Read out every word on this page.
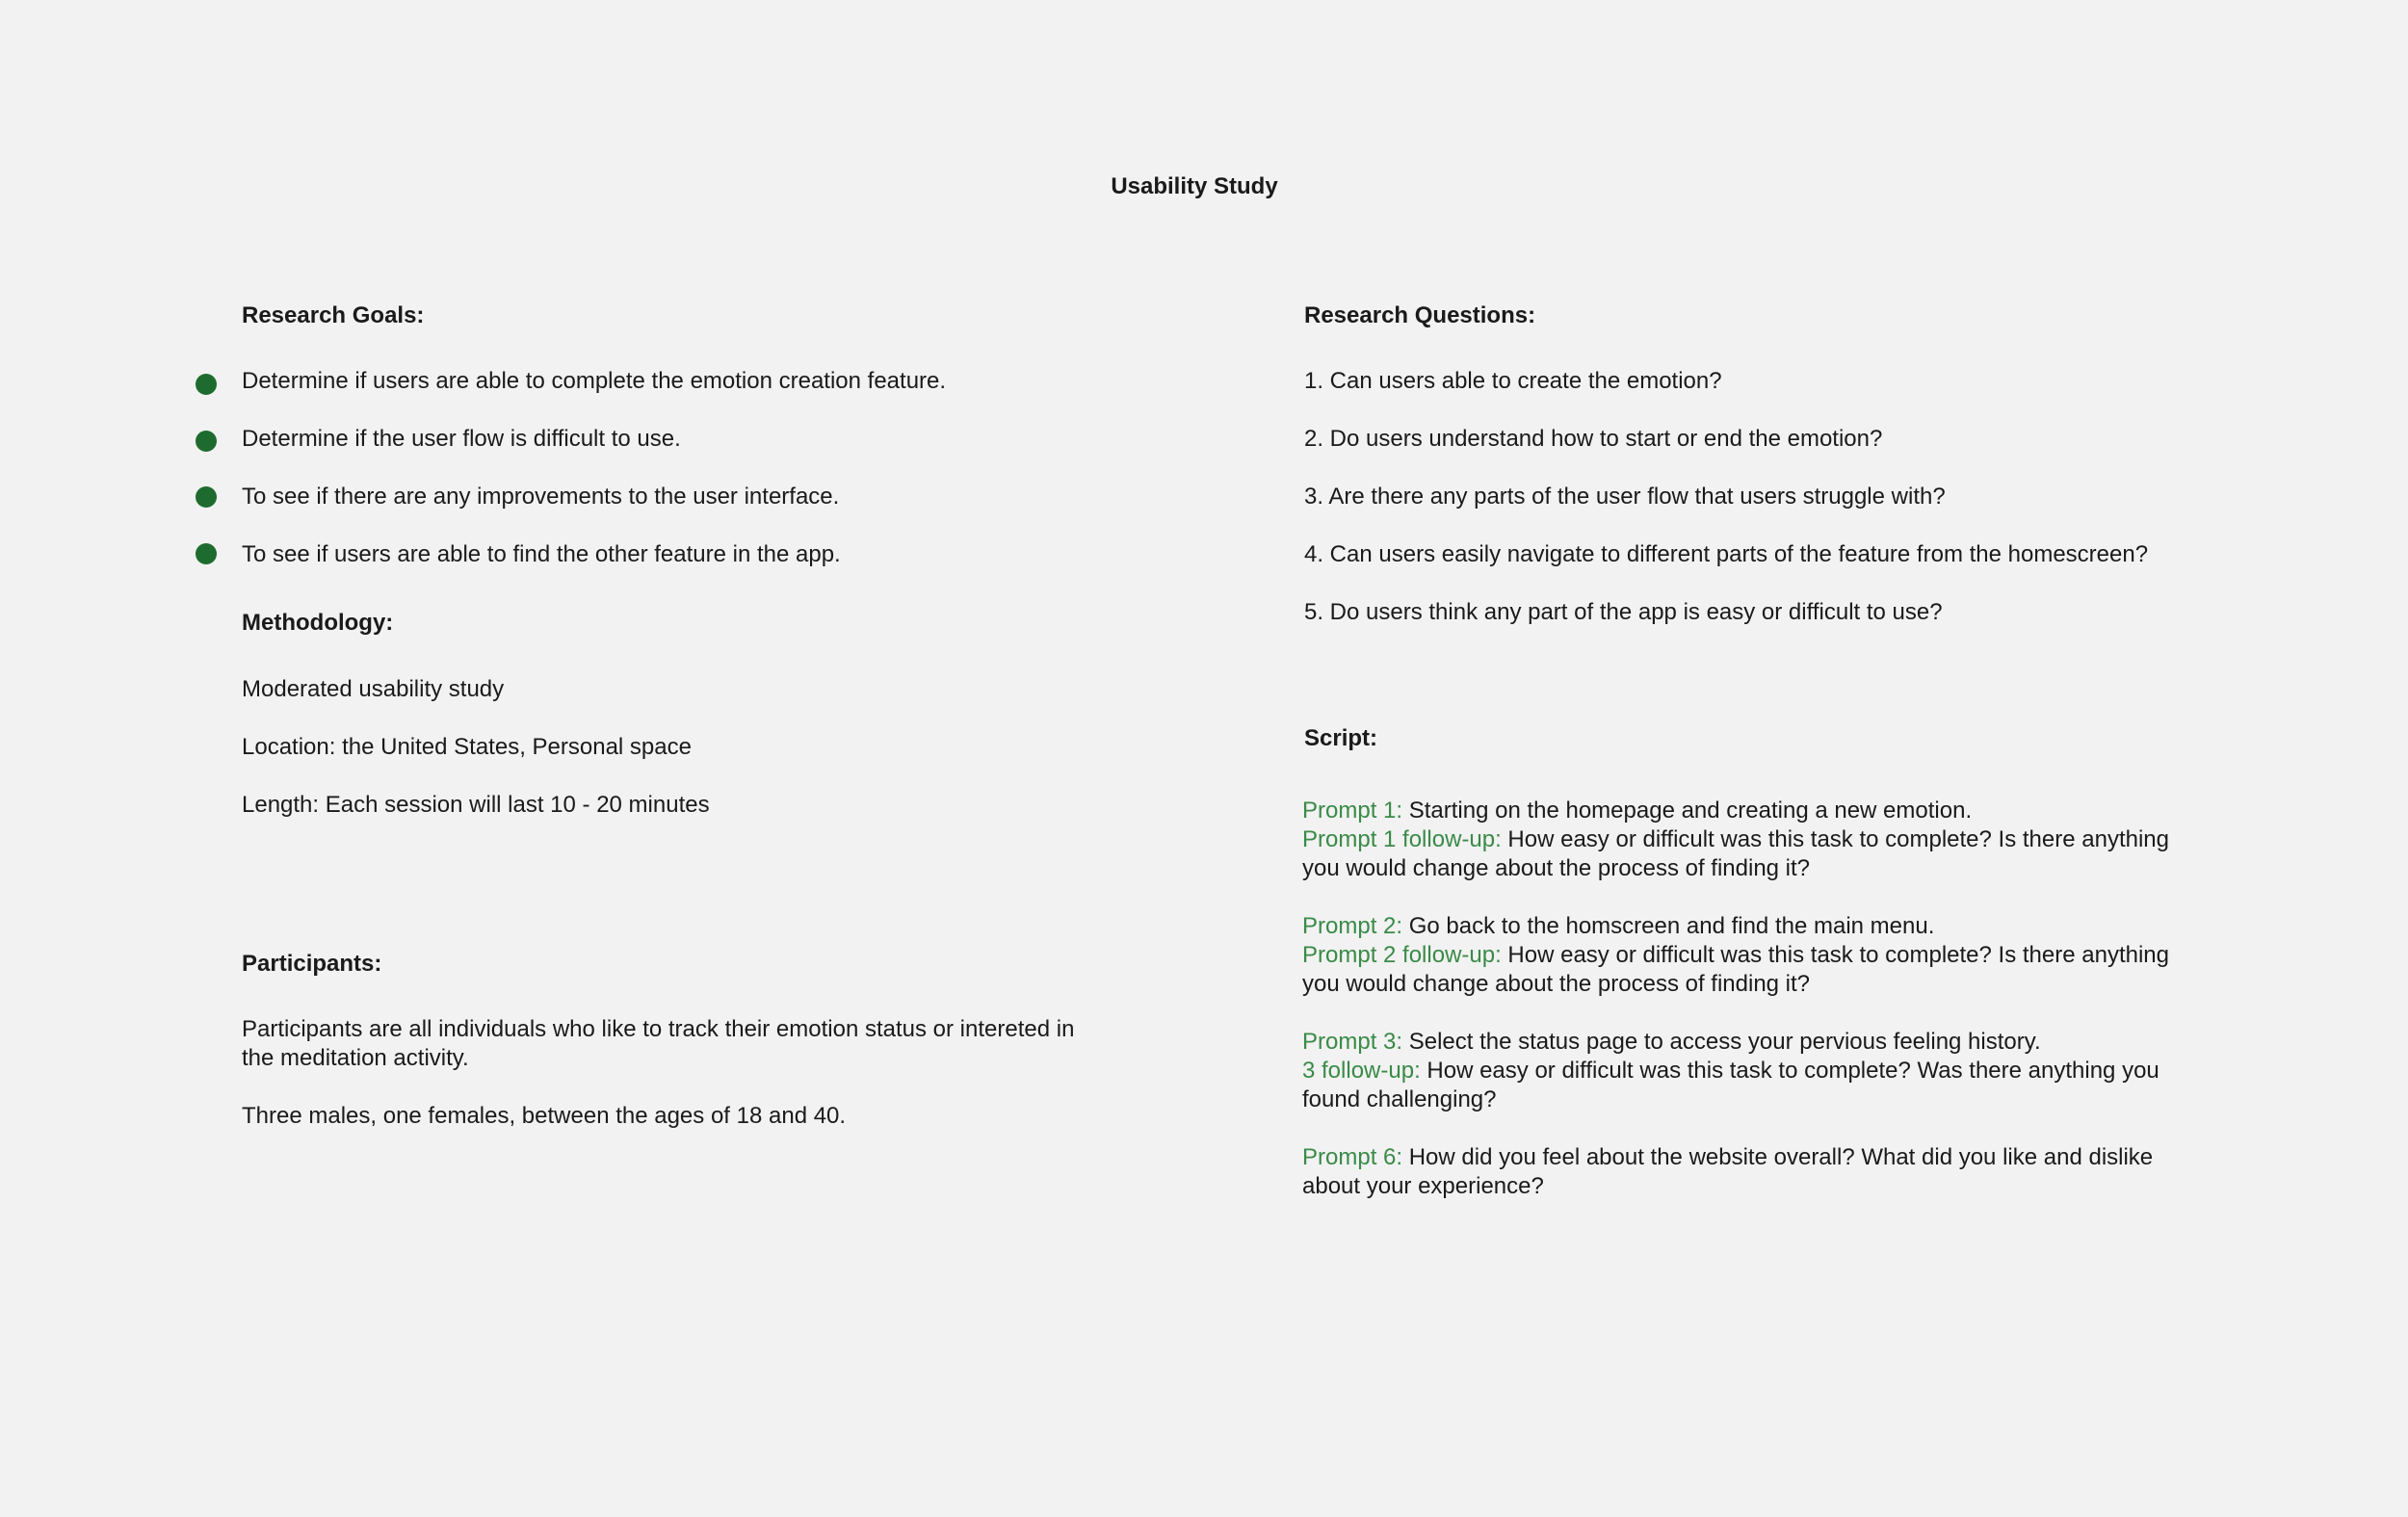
Usability Study
Research Goals:
Determine if users are able to complete the emotion creation feature.
Determine if the user flow is difficult to use.
To see if there are any improvements to the user interface.
To see if users are able to find the other feature in the app.
Methodology:
Moderated usability study
Location: the United States, Personal space
Length: Each session will last 10 - 20 minutes
Participants:
Participants are all individuals who like to track their emotion status or intereted in the meditation activity.
Three males, one females, between the ages of 18 and 40.
Research Questions:
1. Can users able to create the emotion?
2. Do users understand how to start or end the emotion?
3. Are there any parts of the user flow that users struggle with?
4. Can users easily navigate to different parts of the feature from the homescreen?
5. Do users think any part of the app is easy or difficult to use?
Script:
Prompt 1: Starting on the homepage and creating a new emotion.
Prompt 1 follow-up: How easy or difficult was this task to complete? Is there anything you would change about the process of finding it?
Prompt 2: Go back to the homscreen and find the main menu.
Prompt 2 follow-up: How easy or difficult was this task to complete? Is there anything you would change about the process of finding it?
Prompt 3: Select the status page to access your pervious feeling history.
3 follow-up: How easy or difficult was this task to complete? Was there anything you found challenging?
Prompt 6: How did you feel about the website overall? What did you like and dislike about your experience?
